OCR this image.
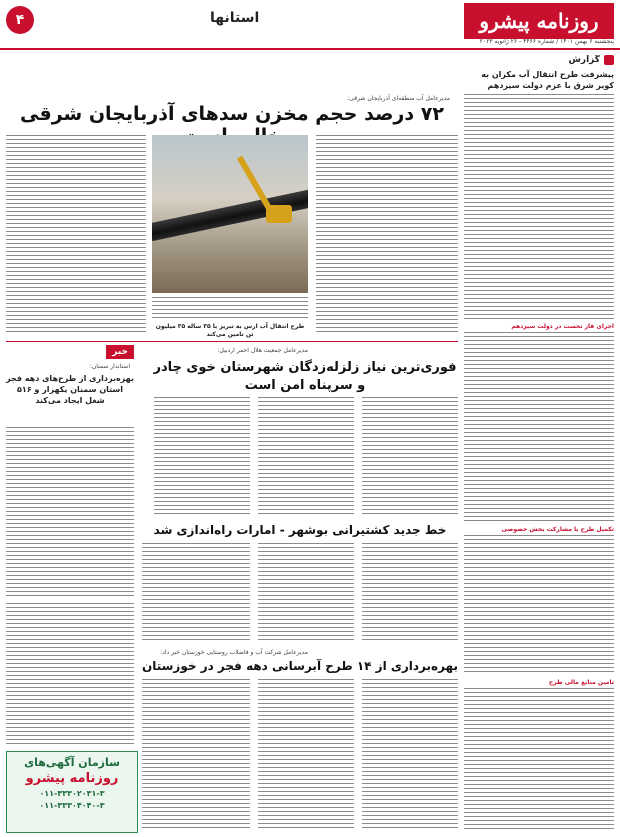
روزنامه پیشرو
پنجشنبه ۶ بهمن ۱۴۰۱ / شماره ۴۴۶۶ - ۲۶ ژانویه ۲۰۲۳
استانها
۴
گزارش
پیشرفت طرح انتقال آب مکران به کویر شرق با عزم دولت سیزدهم
اجرای فاز نخست در دولت سیزدهم
تکمیل طرح با مشارکت بخش خصوصی
تامین منابع مالی طرح
مدیرعامل آب منطقه‌ای آذربایجان شرقی:
۷۲ درصد حجم مخزن سدهای آذربایجان شرقی
طرح انتقال آب ارس به تبریز با ۳۵ ساله ۳۵ میلیون تن تامین می‌کند
خبر
استاندار سمنان:
بهره‌برداری از طرح‌های دهه فجر استان سمنان یکهزار و ۵۱۶ شغل ایجاد می‌کند
مدیرعامل جمعیت هلال احمر اردبیل:
فوری‌ترین نیاز زلزله‌زدگان شهرستان خوی چادر و سرپناه امن است
خط جدید کشتیرانی بوشهر - امارات راه‌اندازی شد
مدیرعامل شرکت آب و فاضلاب روستایی خوزستان خبر داد:
بهره‌برداری از ۱۴ طرح آبرسانی دهه فجر در خوزستان
سازمان آگهی‌های
روزنامه پیشرو
۰۱۱-۳۳۳۰۲۰۳۱-۳
۰۱۱-۳۳۳۰۴۰۴۰-۳
